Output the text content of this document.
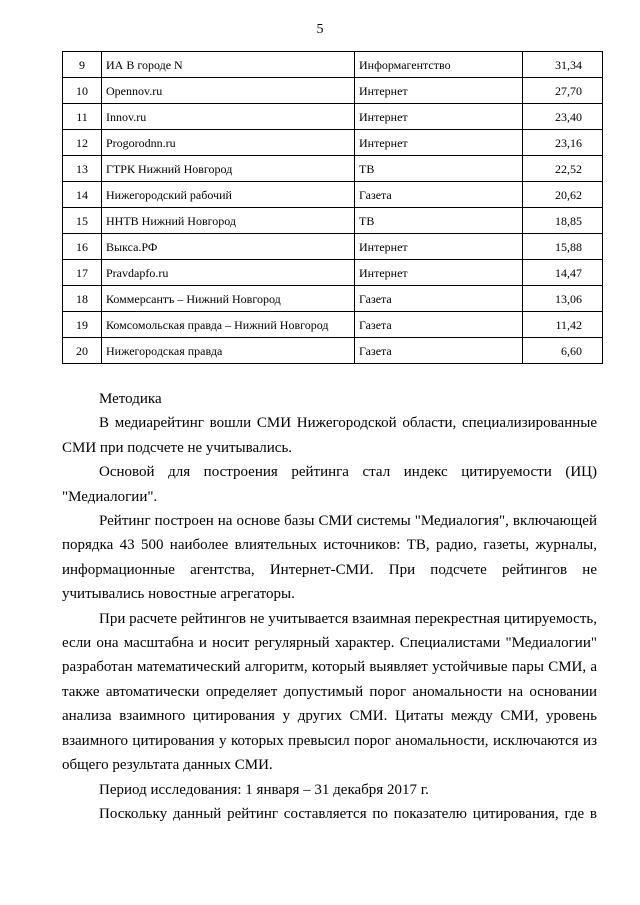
5
9	ИА В городе N	Информагентство	31,34
10	Opennov.ru	Интернет	27,70
11	Innov.ru	Интернет	23,40
12	Progorodnn.ru	Интернет	23,16
13	ГТРК Нижний Новгород	ТВ	22,52
14	Нижегородский рабочий	Газета	20,62
15	ННТВ Нижний Новгород	ТВ	18,85
16	Выкса.РФ	Интернет	15,88
17	Pravdapfo.ru	Интернет	14,47
18	Коммерсантъ – Нижний Новгород	Газета	13,06
19	Комсомольская правда – Нижний Новгород	Газета	11,42
20	Нижегородская правда	Газета	6,60

Методика

В медиарейтинг вошли СМИ Нижегородской области, специализированные СМИ при подсчете не учитывались.

Основой для построения рейтинга стал индекс цитируемости (ИЦ) "Медиалогии".

Рейтинг построен на основе базы СМИ системы "Медиалогия", включающей порядка 43 500 наиболее влиятельных источников: ТВ, радио, газеты, журналы, информационные агентства, Интернет-СМИ. При подсчете рейтингов не учитывались новостные агрегаторы.

При расчете рейтингов не учитывается взаимная перекрестная цитируемость, если она масштабна и носит регулярный характер. Специалистами "Медиалогии" разработан математический алгоритм, который выявляет устойчивые пары СМИ, а также автоматически определяет допустимый порог аномальности на основании анализа взаимного цитирования у других СМИ. Цитаты между СМИ, уровень взаимного цитирования у которых превысил порог аномальности, исключаются из общего результата данных СМИ.

Период исследования: 1 января – 31 декабря 2017 г.

Поскольку данный рейтинг составляется по показателю цитирования, где в
